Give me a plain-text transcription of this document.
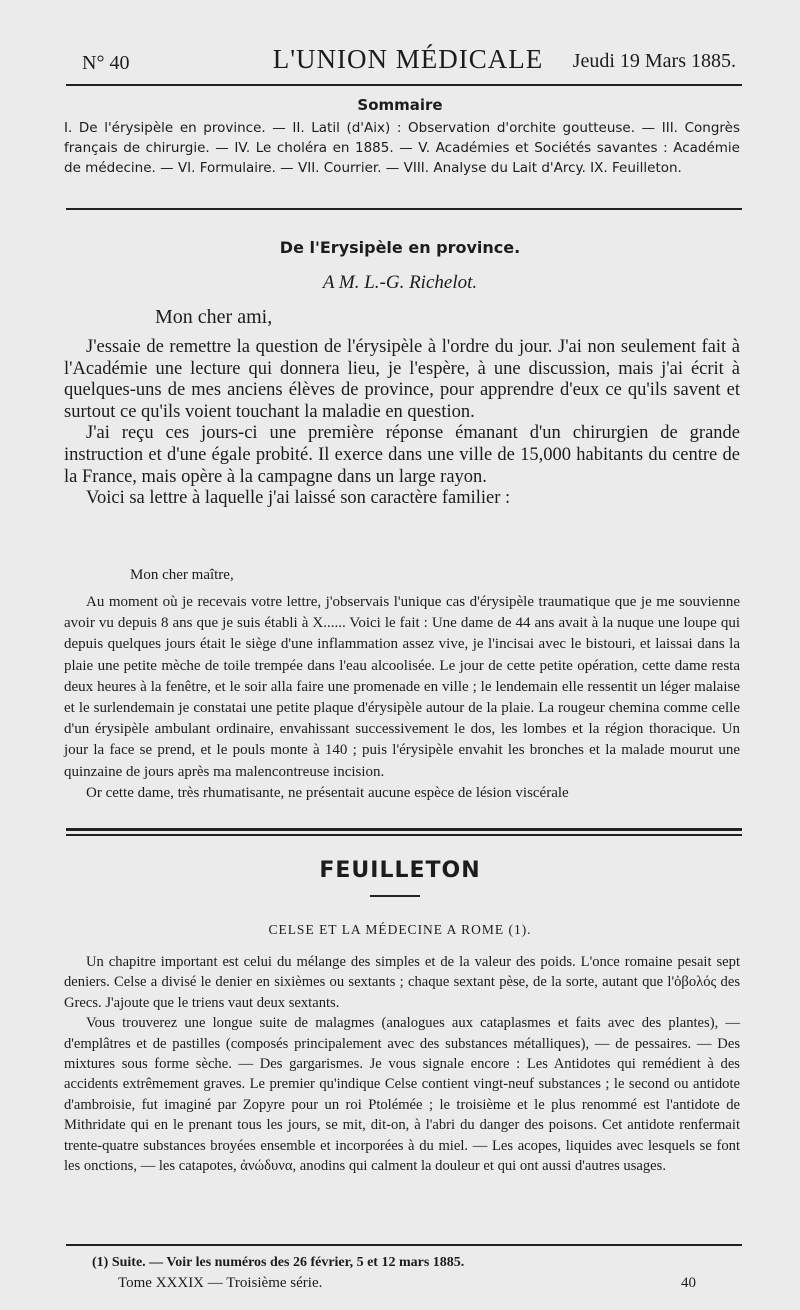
N° 40	L'UNION MÉDICALE	Jeudi 19 Mars 1885.
Sommaire
I. De l'érysipèle en province. — II. Latil (d'Aix) : Observation d'orchite goutteuse. — III. Congrès français de chirurgie. — IV. Le choléra en 1885. — V. Académies et Sociétés savantes : Académie de médecine. — VI. Formulaire. — VII. Courrier. — VIII. Analyse du Lait d'Arcy. IX. Feuilleton.
De l'Erysipèle en province.
A M. L.-G. Richelot.
Mon cher ami,

J'essaie de remettre la question de l'érysipèle à l'ordre du jour. J'ai non seulement fait à l'Académie une lecture qui donnera lieu, je l'espère, à une discussion, mais j'ai écrit à quelques-uns de mes anciens élèves de province, pour apprendre d'eux ce qu'ils savent et surtout ce qu'ils voient touchant la maladie en question.

J'ai reçu ces jours-ci une première réponse émanant d'un chirurgien de grande instruction et d'une égale probité. Il exerce dans une ville de 15,000 habitants du centre de la France, mais opère à la campagne dans un large rayon.

Voici sa lettre à laquelle j'ai laissé son caractère familier :

Mon cher maître,

Au moment où je recevais votre lettre, j'observais l'unique cas d'érysipèle traumatique que je me souvienne avoir vu depuis 8 ans que je suis établi à X...... Voici le fait : Une dame de 44 ans avait à la nuque une loupe qui depuis quelques jours était le siège d'une inflammation assez vive, je l'incisai avec le bistouri, et laissai dans la plaie une petite mèche de toile trempée dans l'eau alcoolisée. Le jour de cette petite opération, cette dame resta deux heures à la fenêtre, et le soir alla faire une promenade en ville ; le lendemain elle ressentit un léger malaise et le surlendemain je constatai une petite plaque d'érysipèle autour de la plaie. La rougeur chemina comme celle d'un érysipèle ambulant ordinaire, envahissant successivement le dos, les lombes et la région thoracique. Un jour la face se prend, et le pouls monte à 140 ; puis l'érysipèle envahit les bronches et la malade mourut une quinzaine de jours après ma malencontreuse incision.

Or cette dame, très rhumatisante, ne présentait aucune espèce de lésion viscérale

FEUILLETON
CELSE ET LA MÉDECINE A ROME (1).

Un chapitre important est celui du mélange des simples et de la valeur des poids. L'once romaine pesait sept deniers. Celse a divisé le denier en sixièmes ou sextants ; chaque sextant pèse, de la sorte, autant que l'ὀβολός des Grecs. J'ajoute que le triens vaut deux sextants.

Vous trouverez une longue suite de malagmes (analogues aux cataplasmes et faits avec des plantes), — d'emplâtres et de pastilles (composés principalement avec des substances métalliques), — de pessaires. — Des mixtures sous forme sèche. — Des gargarismes. Je vous signale encore : Les Antidotes qui remédient à des accidents extrêmement graves. Le premier qu'indique Celse contient vingt-neuf substances ; le second ou antidote d'ambroisie, fut imaginé par Zopyre pour un roi Ptolémée ; le troisième et le plus renommé est l'antidote de Mithridate qui en le prenant tous les jours, se mit, dit-on, à l'abri du danger des poisons. Cet antidote renfermait trente-quatre substances broyées ensemble et incorporées à du miel. — Les acopes, liquides avec lesquels se font les onctions, — les catapotes, ἀνώδυνα, anodins qui calment la douleur et qui ont aussi d'autres usages.

(1) Suite. — Voir les numéros des 26 février, 5 et 12 mars 1885.
Tome XXXIX — Troisième série.	40
